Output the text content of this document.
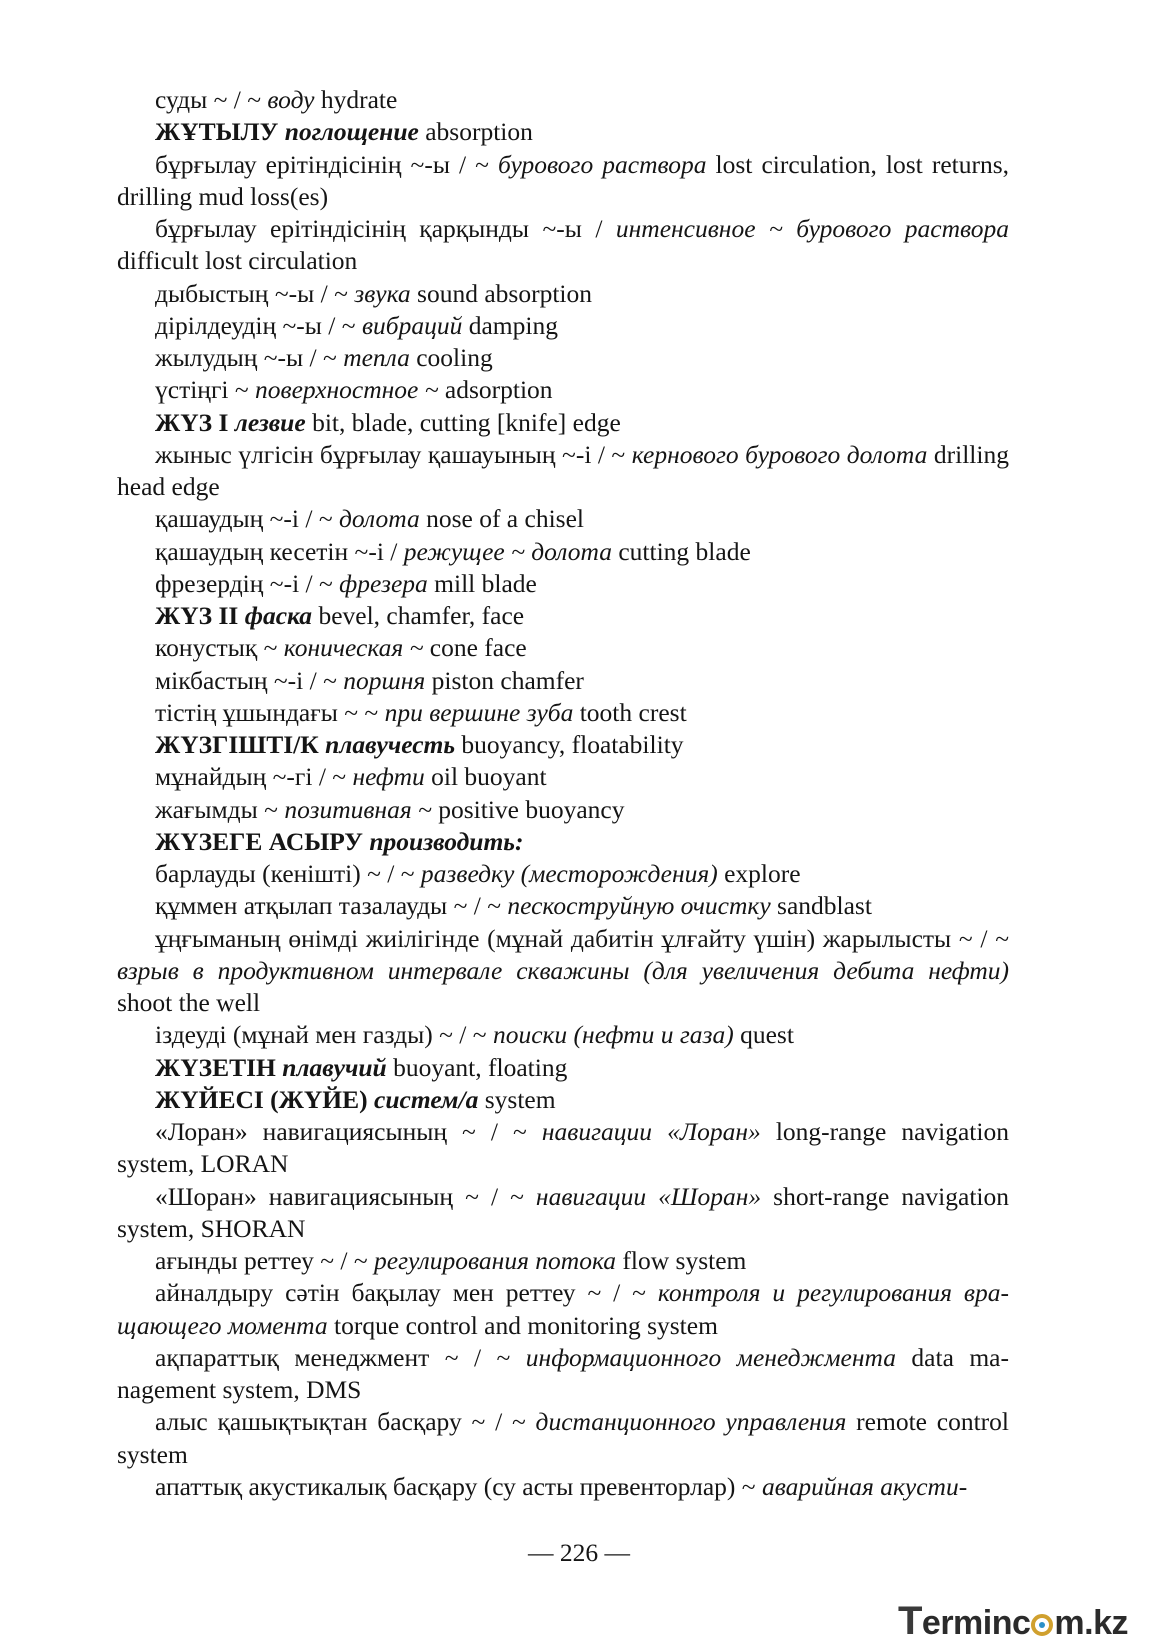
суды ~ / ~ воду hydrate

ЖҰТЫЛУ поглощение absorption

бұрғылау ерітіндісінің ~-ы / ~ бурового раствора lost circulation, lost returns, drilling mud loss(es)

бұрғылау ерітіндісінің қарқынды ~-ы / интенсивное ~ бурового раствора difficult lost circulation

дыбыстың ~-ы / ~ звука sound absorption

дірілдеудің ~-ы / ~ вибраций damping

жылудың ~-ы / ~ тепла cooling

үстіңгі ~ поверхностное ~ adsorption

ЖҮЗ I лезвие bit, blade, cutting [knife] edge

жыныс үлгісін бұрғылау қашауының ~-і / ~ кернового бурового долота drilling head edge

қашаудың ~-і / ~ долота nose of a chisel

қашаудың кесетін ~-і / режущее ~ долота cutting blade

фрезердің ~-і / ~ фрезера mill blade

ЖҮЗ II фаска bevel, chamfer, face

конустық ~ коническая ~ cone face

мікбастың ~-і / ~ поршня piston chamfer

тістің ұшындағы ~ ~ при вершине зуба tooth crest

ЖҮЗГІШТІ/К плавучесть buoyancy, floatability

мұнайдың ~-гі / ~ нефти oil buoyant

жағымды ~ позитивная ~ positive buoyancy

ЖҮЗЕГЕ АСЫРУ производить:

барлауды (кеніштi) ~ / ~ разведку (месторождения) explore

құммен атқылап тазалауды ~ / ~ пескоструйную очистку sandblast

ұңғыманың өнімді жиілігінде (мұнай дабитін ұлғайту үшін) жарылысты ~ / ~ взрыв в продуктивном интервале скважины (для увеличения дебита нефти) shoot the well

іздеуді (мұнай мен газды) ~ / ~ поиски (нефти и газа) quest

ЖҮЗЕТІН плавучий buoyant, floating

ЖҮЙЕСІ (ЖҮЙЕ) систем/а system

«Лоран» навигациясының ~ / ~ навигации «Лоран» long-range navigation system, LORAN

«Шоран» навигациясының ~ / ~ навигации «Шоран» short-range navigation system, SHORAN

ағынды реттеу ~ / ~ регулирования потока flow system

айналдыру сәтін бақылау мен реттеу ~ / ~ контроля и регулирования вращающего момента torque control and monitoring system

ақпараттық менеджмент ~ / ~ информационного менеджмента data management system, DMS

алыс қашықтықтан басқару ~ / ~ дистанционного управления remote control system

апаттық акустикалық басқару (су асты превенторлар) ~ аварийная акусти-

— 226 —
Terminc m.kz
